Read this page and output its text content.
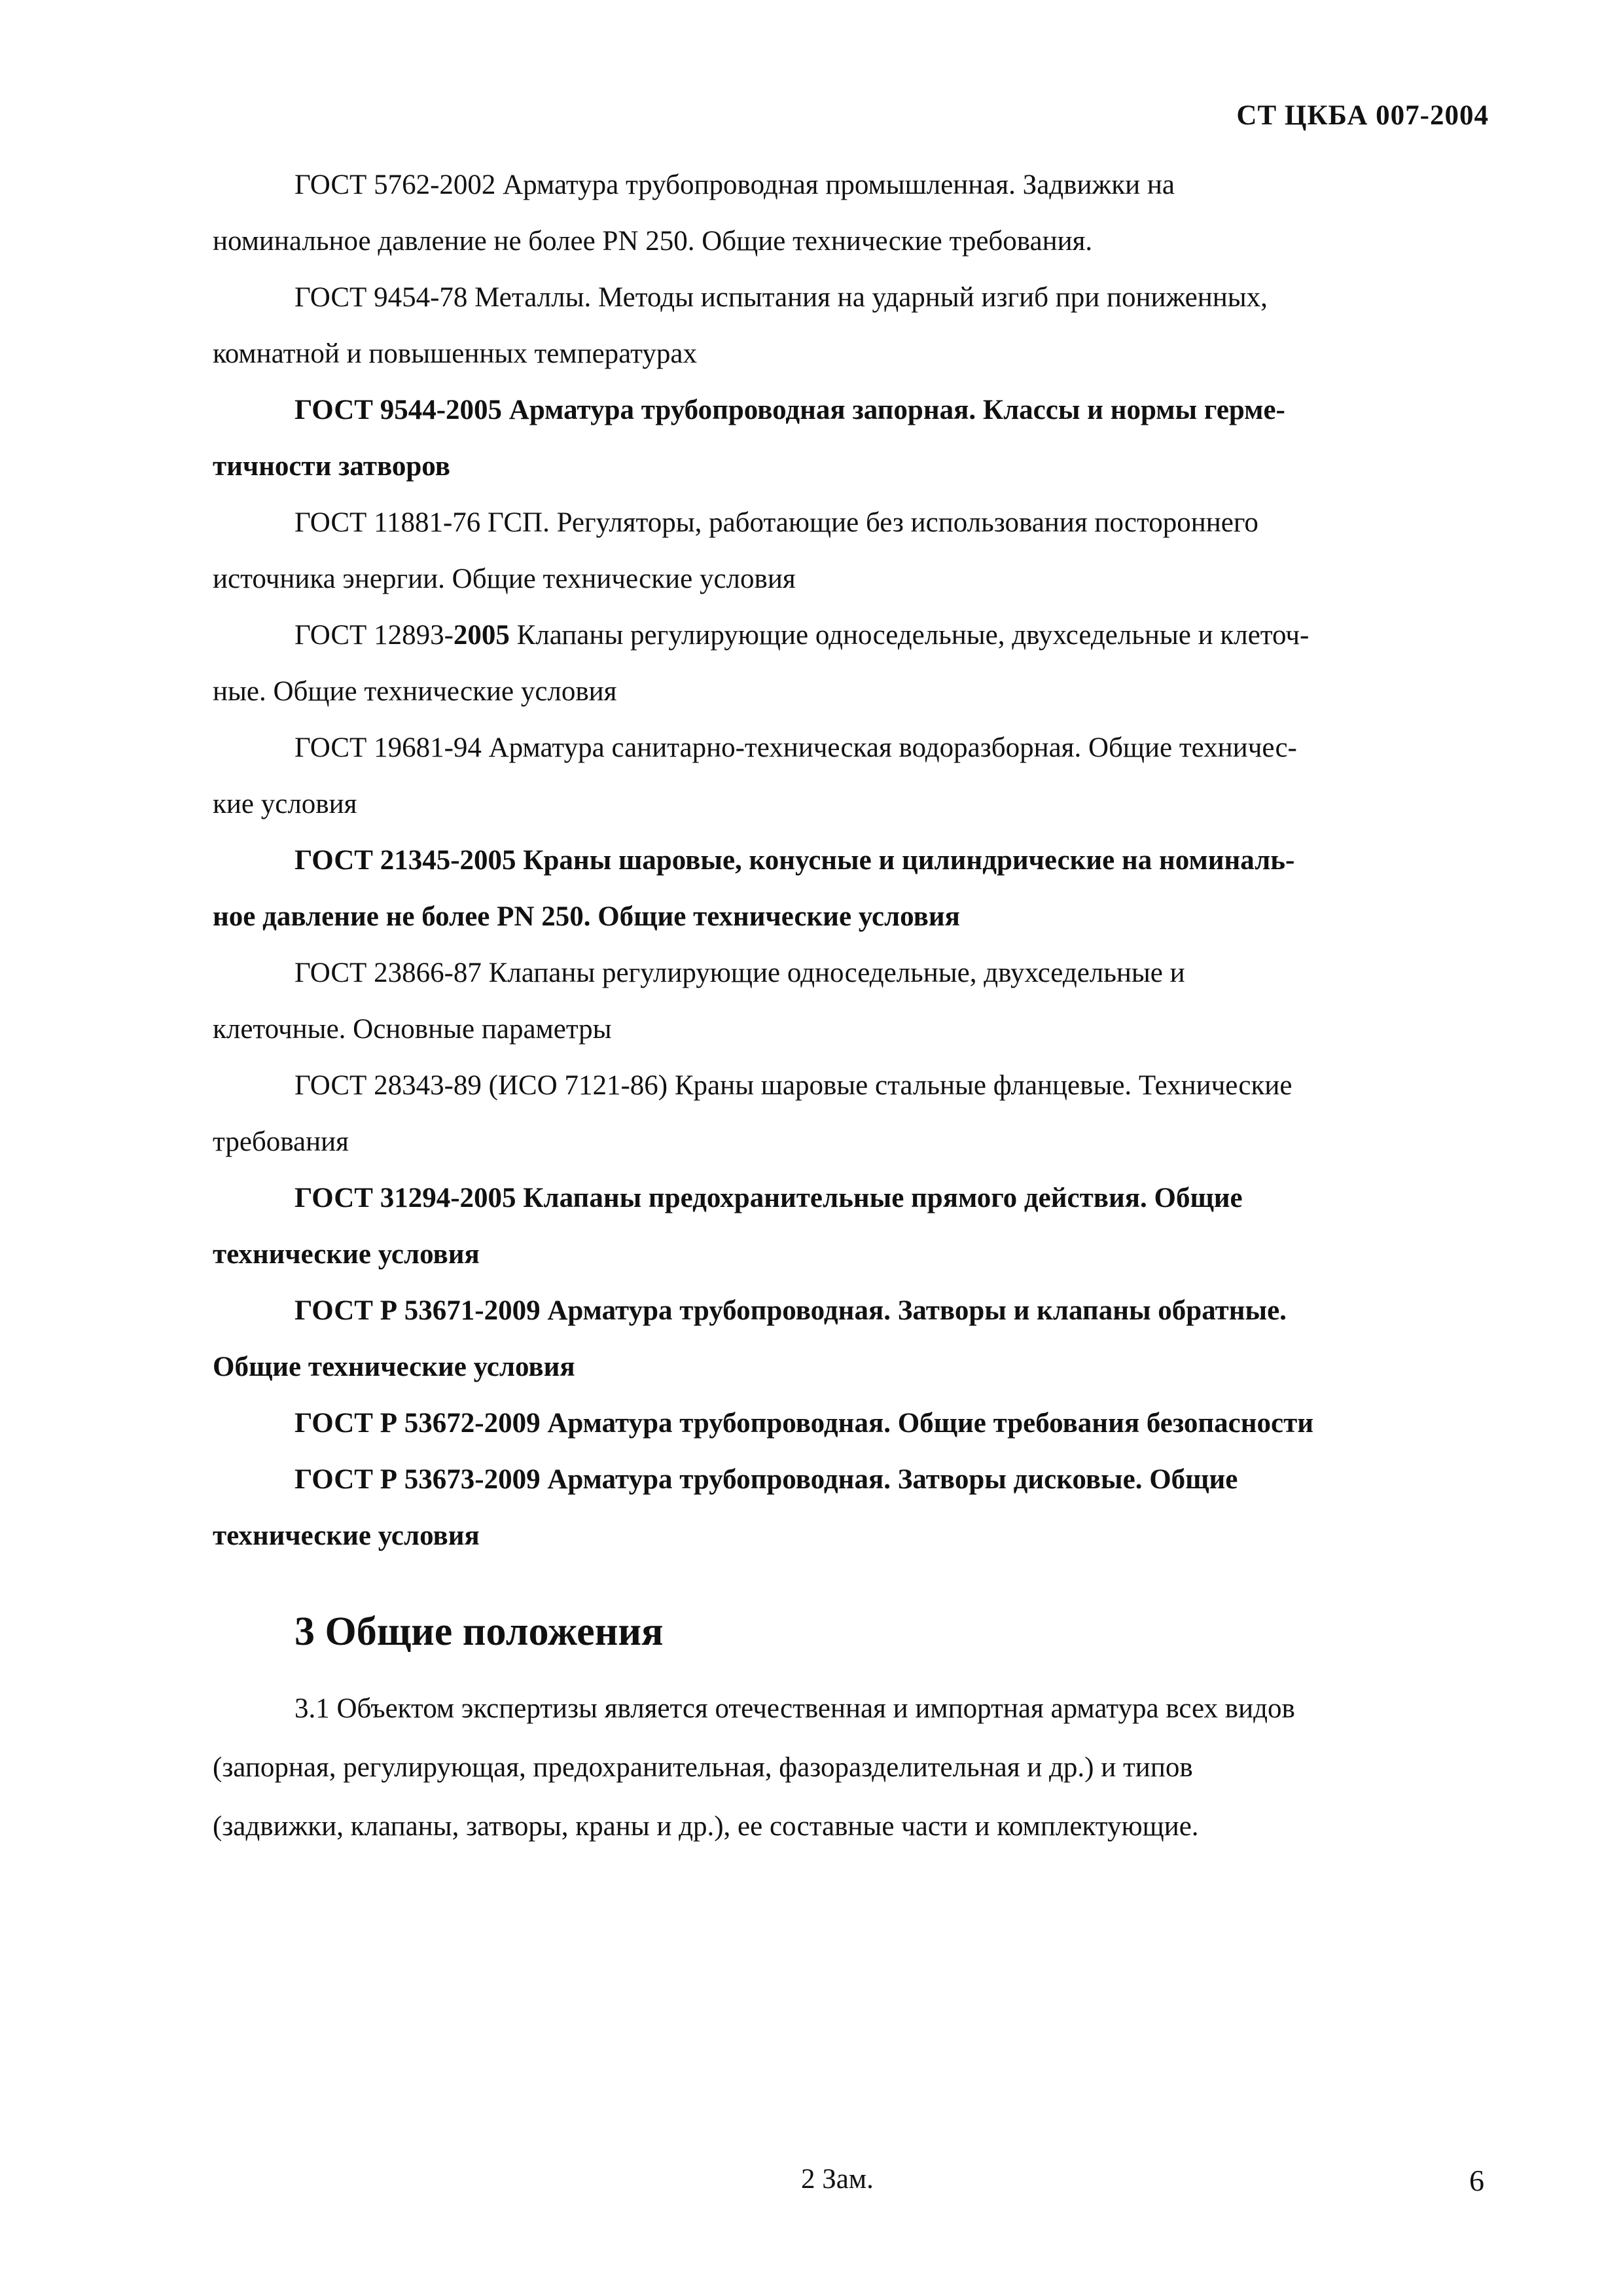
СТ ЦКБА 007-2004

ГОСТ 5762-2002 Арматура трубопроводная промышленная. Задвижки на
номинальное давление не более PN 250. Общие технические требования.

ГОСТ 9454-78 Металлы. Методы испытания на ударный изгиб при пониженных,
комнатной и повышенных температурах

ГОСТ 9544-2005 Арматура трубопроводная запорная. Классы и нормы герме-
тичности затворов

ГОСТ 11881-76 ГСП. Регуляторы, работающие без использования постороннего
источника энергии. Общие технические условия

ГОСТ 12893-2005 Клапаны регулирующие односедельные, двухседельные и клеточ-
ные. Общие технические условия

ГОСТ 19681-94 Арматура санитарно-техническая водоразборная. Общие техничес-
кие условия

ГОСТ 21345-2005 Краны шаровые, конусные и цилиндрические на номиналь-
ное давление не более PN 250. Общие технические условия

ГОСТ 23866-87 Клапаны регулирующие односедельные, двухседельные и
клеточные. Основные параметры

ГОСТ 28343-89 (ИСО 7121-86) Краны шаровые стальные фланцевые. Технические
требования

ГОСТ 31294-2005 Клапаны предохранительные прямого действия. Общие
технические условия

ГОСТ Р 53671-2009 Арматура трубопроводная. Затворы и клапаны обратные.
Общие технические условия

ГОСТ Р 53672-2009 Арматура трубопроводная. Общие требования безопасности

ГОСТ Р 53673-2009 Арматура трубопроводная. Затворы дисковые. Общие
технические условия

3 Общие положения

3.1 Объектом экспертизы является отечественная и импортная арматура всех видов
(запорная, регулирующая, предохранительная, фазоразделительная и др.) и типов
(задвижки, клапаны, затворы, краны и др.), ее составные части и комплектующие.

2 Зам.	6
